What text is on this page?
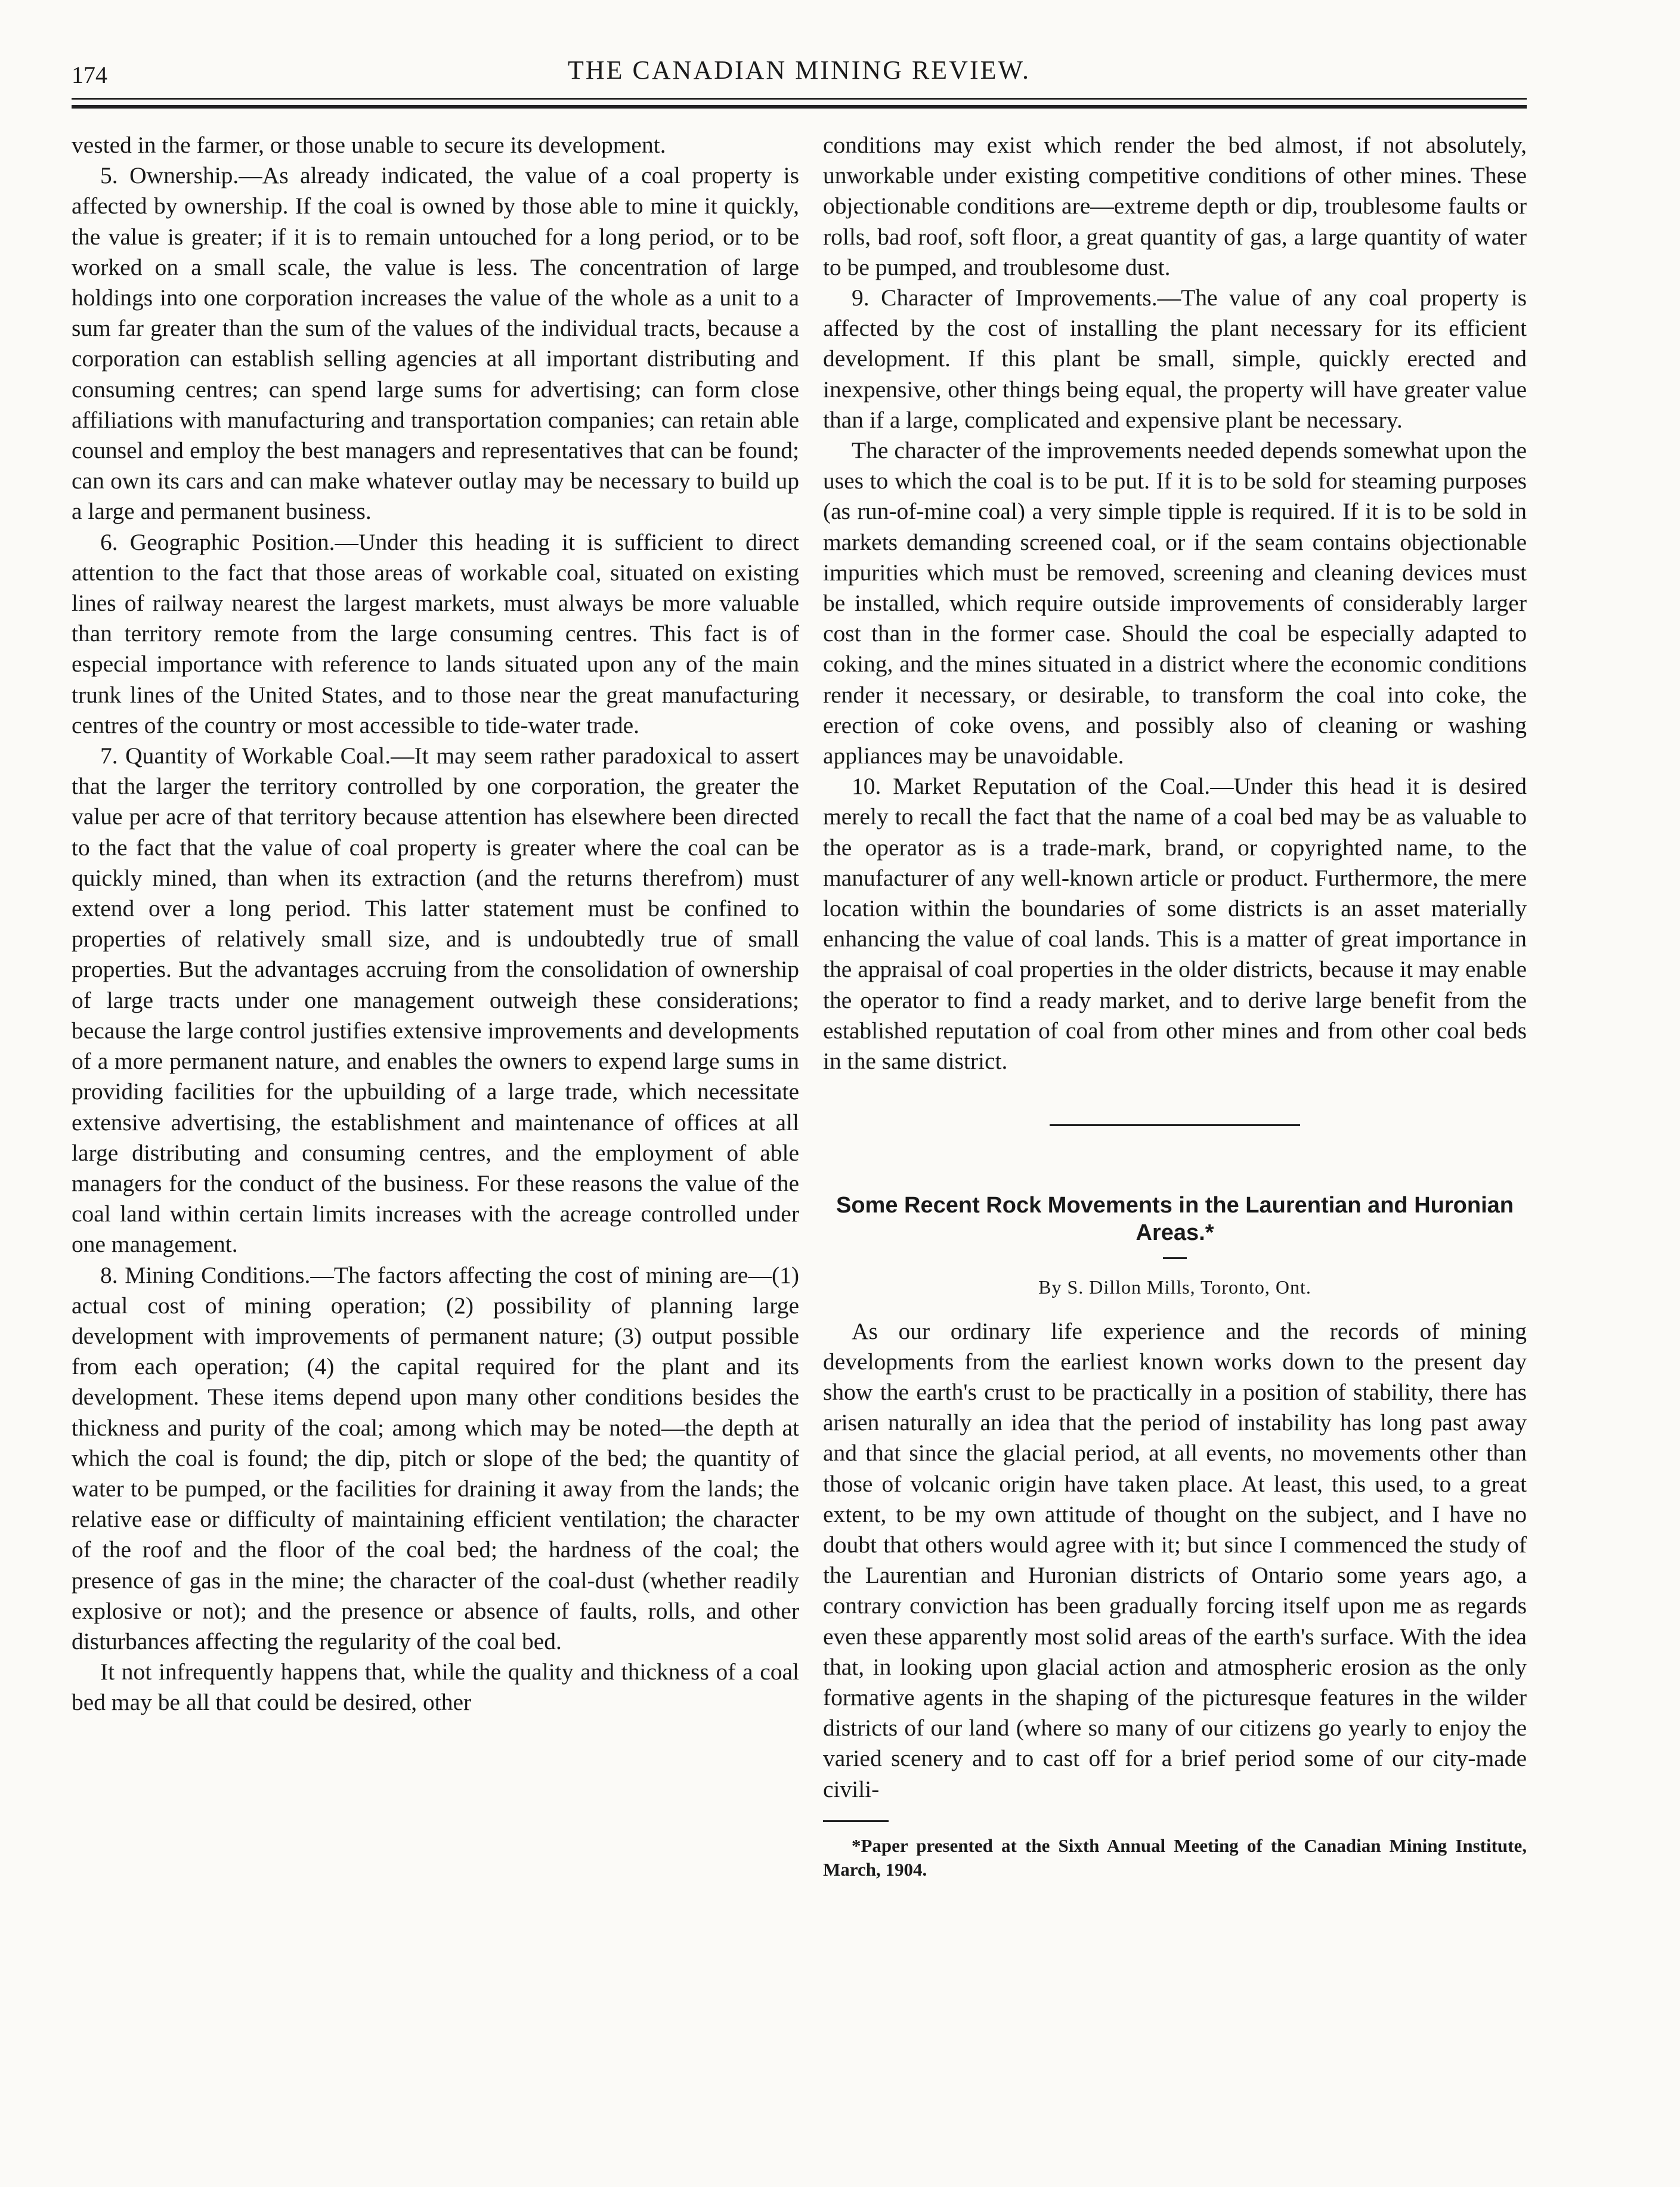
174	THE CANADIAN MINING REVIEW.

vested in the farmer, or those unable to secure its development.

5. Ownership.—As already indicated, the value of a coal property is affected by ownership. If the coal is owned by those able to mine it quickly, the value is greater; if it is to remain untouched for a long period, or to be worked on a small scale, the value is less. The concentration of large holdings into one corporation increases the value of the whole as a unit to a sum far greater than the sum of the values of the individual tracts, because a corporation can establish selling agencies at all important distributing and consuming centres; can spend large sums for advertising; can form close affiliations with manufacturing and transportation companies; can retain able counsel and employ the best managers and representatives that can be found; can own its cars and can make whatever outlay may be necessary to build up a large and permanent business.

6. Geographic Position.—Under this heading it is sufficient to direct attention to the fact that those areas of workable coal, situated on existing lines of railway nearest the largest markets, must always be more valuable than territory remote from the large consuming centres. This fact is of especial importance with reference to lands situated upon any of the main trunk lines of the United States, and to those near the great manufacturing centres of the country or most accessible to tide-water trade.

7. Quantity of Workable Coal.—It may seem rather paradoxical to assert that the larger the territory controlled by one corporation, the greater the value per acre of that territory because attention has elsewhere been directed to the fact that the value of coal property is greater where the coal can be quickly mined, than when its extraction (and the returns therefrom) must extend over a long period. This latter statement must be confined to properties of relatively small size, and is undoubtedly true of small properties. But the advantages accruing from the consolidation of ownership of large tracts under one management outweigh these considerations; because the large control justifies extensive improvements and developments of a more permanent nature, and enables the owners to expend large sums in providing facilities for the upbuilding of a large trade, which necessitate extensive advertising, the establishment and maintenance of offices at all large distributing and consuming centres, and the employment of able managers for the conduct of the business. For these reasons the value of the coal land within certain limits increases with the acreage controlled under one management.

8. Mining Conditions.—The factors affecting the cost of mining are—(1) actual cost of mining operation; (2) possibility of planning large development with improvements of permanent nature; (3) output possible from each operation; (4) the capital required for the plant and its development. These items depend upon many other conditions besides the thickness and purity of the coal; among which may be noted—the depth at which the coal is found; the dip, pitch or slope of the bed; the quantity of water to be pumped, or the facilities for draining it away from the lands; the relative ease or difficulty of maintaining efficient ventilation; the character of the roof and the floor of the coal bed; the hardness of the coal; the presence of gas in the mine; the character of the coal-dust (whether readily explosive or not); and the presence or absence of faults, rolls, and other disturbances affecting the regularity of the coal bed.

It not infrequently happens that, while the quality and thickness of a coal bed may be all that could be desired, other

conditions may exist which render the bed almost, if not absolutely, unworkable under existing competitive conditions of other mines. These objectionable conditions are—extreme depth or dip, troublesome faults or rolls, bad roof, soft floor, a great quantity of gas, a large quantity of water to be pumped, and troublesome dust.

9. Character of Improvements.—The value of any coal property is affected by the cost of installing the plant necessary for its efficient development. If this plant be small, simple, quickly erected and inexpensive, other things being equal, the property will have greater value than if a large, complicated and expensive plant be necessary.

The character of the improvements needed depends somewhat upon the uses to which the coal is to be put. If it is to be sold for steaming purposes (as run-of-mine coal) a very simple tipple is required. If it is to be sold in markets demanding screened coal, or if the seam contains objectionable impurities which must be removed, screening and cleaning devices must be installed, which require outside improvements of considerably larger cost than in the former case. Should the coal be especially adapted to coking, and the mines situated in a district where the economic conditions render it necessary, or desirable, to transform the coal into coke, the erection of coke ovens, and possibly also of cleaning or washing appliances may be unavoidable.

10. Market Reputation of the Coal.—Under this head it is desired merely to recall the fact that the name of a coal bed may be as valuable to the operator as is a trade-mark, brand, or copyrighted name, to the manufacturer of any well-known article or product. Furthermore, the mere location within the boundaries of some districts is an asset materially enhancing the value of coal lands. This is a matter of great importance in the appraisal of coal properties in the older districts, because it may enable the operator to find a ready market, and to derive large benefit from the established reputation of coal from other mines and from other coal beds in the same district.

Some Recent Rock Movements in the Laurentian and Huronian Areas.*
By S. Dillon Mills, Toronto, Ont.

As our ordinary life experience and the records of mining developments from the earliest known works down to the present day show the earth's crust to be practically in a position of stability, there has arisen naturally an idea that the period of instability has long past away and that since the glacial period, at all events, no movements other than those of volcanic origin have taken place. At least, this used, to a great extent, to be my own attitude of thought on the subject, and I have no doubt that others would agree with it; but since I commenced the study of the Laurentian and Huronian districts of Ontario some years ago, a contrary conviction has been gradually forcing itself upon me as regards even these apparently most solid areas of the earth's surface. With the idea that, in looking upon glacial action and atmospheric erosion as the only formative agents in the shaping of the picturesque features in the wilder districts of our land (where so many of our citizens go yearly to enjoy the varied scenery and to cast off for a brief period some of our city-made civili-

*Paper presented at the Sixth Annual Meeting of the Canadian Mining Institute, March, 1904.
